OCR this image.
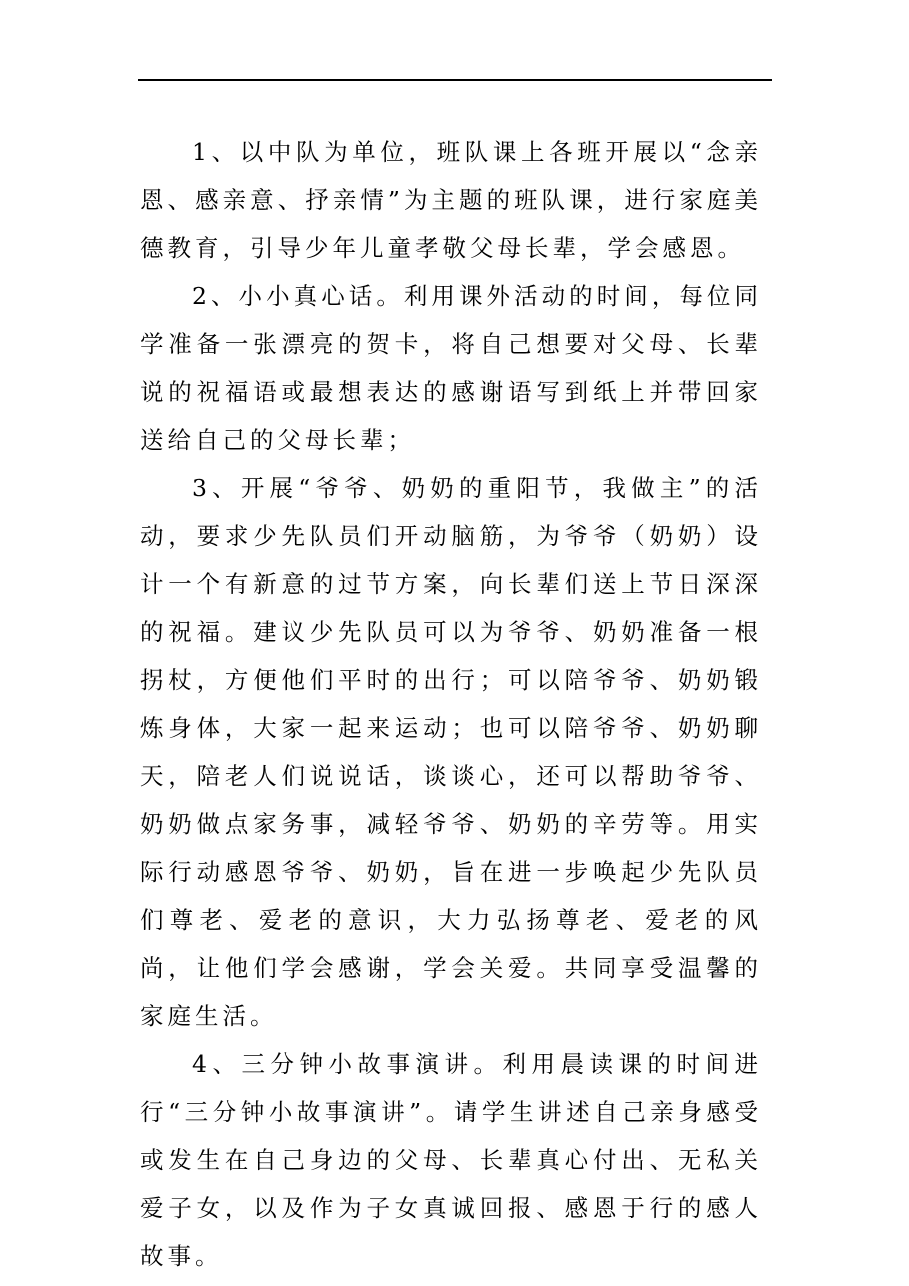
1、以中队为单位，班队课上各班开展以“念亲恩、感亲意、抒亲情”为主题的班队课，进行家庭美德教育，引导少年儿童孝敬父母长辈，学会感恩。

2、小小真心话。利用课外活动的时间，每位同学准备一张漂亮的贺卡，将自己想要对父母、长辈说的祝福语或最想表达的感谢语写到纸上并带回家送给自己的父母长辈；

3、开展“爷爷、奶奶的重阳节，我做主”的活动，要求少先队员们开动脑筋，为爷爷（奶奶）设计一个有新意的过节方案，向长辈们送上节日深深的祝福。建议少先队员可以为爷爷、奶奶准备一根拐杖，方便他们平时的出行；可以陪爷爷、奶奶锻炼身体，大家一起来运动；也可以陪爷爷、奶奶聊天，陪老人们说说话，谈谈心，还可以帮助爷爷、奶奶做点家务事，减轻爷爷、奶奶的辛劳等。用实际行动感恩爷爷、奶奶，旨在进一步唤起少先队员们尊老、爱老的意识，大力弘扬尊老、爱老的风尚，让他们学会感谢，学会关爱。共同享受温馨的家庭生活。

4、三分钟小故事演讲。利用晨读课的时间进行“三分钟小故事演讲”。请学生讲述自己亲身感受或发生在自己身边的父母、长辈真心付出、无私关爱子女，以及作为子女真诚回报、感恩于行的感人故事。
